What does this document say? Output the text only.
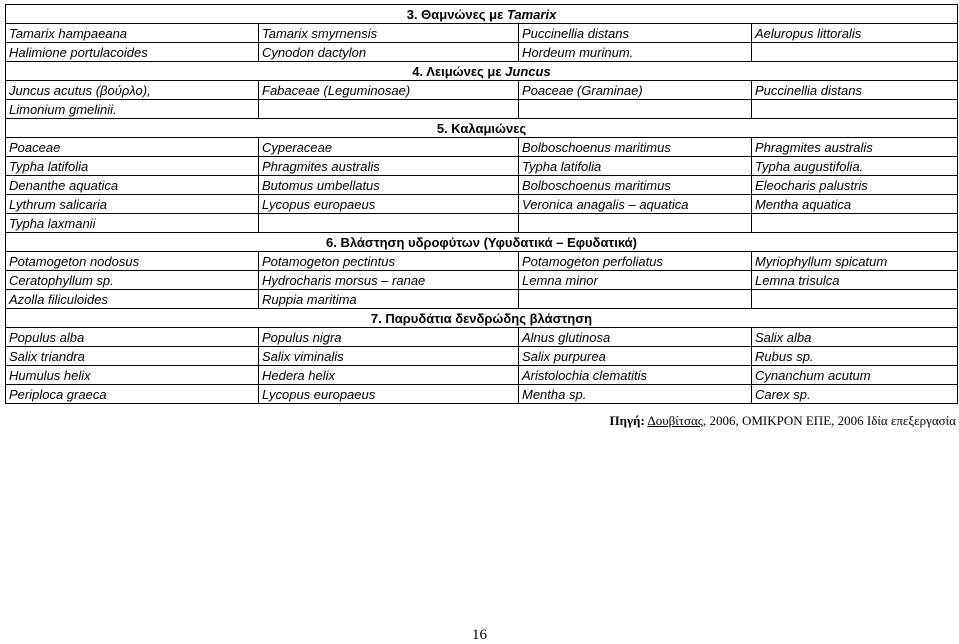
3. Θαμνώνες με Tamarix			
Tamarix hampaeana	Tamarix smyrnensis	Puccinellia distans	Aeluropus littoralis
Halimione portulacoides	Cynodon dactylon	Hordeum murinum.	
4. Λειμώνες με Juncus			
Juncus acutus (βούρλο),	Fabaceae (Leguminosae)	Poaceae (Graminae)	Puccinellia distans
Limonium gmelinii.			
5. Καλαμιώνες			
Poaceae	Cyperaceae	Bolboschoenus maritimus	Phragmites australis
Typha latifolia	Phragmites australis	Typha latifolia	Typha augustifolia.
Denanthe aquatica	Butomus umbellatus	Bolboschoenus maritimus	Eleocharis palustris
Lythrum salicaria	Lycopus europaeus	Veronica anagalis – aquatica	Mentha aquatica
Typha laxmanii			
6. Βλάστηση υδροφύτων (Υφυδατικά – Εφυδατικά)			
Potamogeton nodosus	Potamogeton pectintus	Potamogeton perfoliatus	Myriophyllum spicatum
Ceratophyllum sp.	Hydrocharis morsus – ranae	Lemna minor	Lemna trisulca
Azolla filiculoides	Ruppia maritima		
7. Παρυδάτια δενδρώδης βλάστηση			
Populus alba	Populus nigra	Alnus glutinosa	Salix alba
Salix triandra	Salix viminalis	Salix purpurea	Rubus sp.
Humulus helix	Hedera helix	Aristolochia clematitis	Cynanchum acutum
Periploca graeca	Lycopus europaeus	Mentha sp.	Carex sp.
Πηγή: Δουβίτσας, 2006, ΟΜΙΚΡΟΝ ΕΠΕ, 2006 Ιδία επεξεργασία
16
